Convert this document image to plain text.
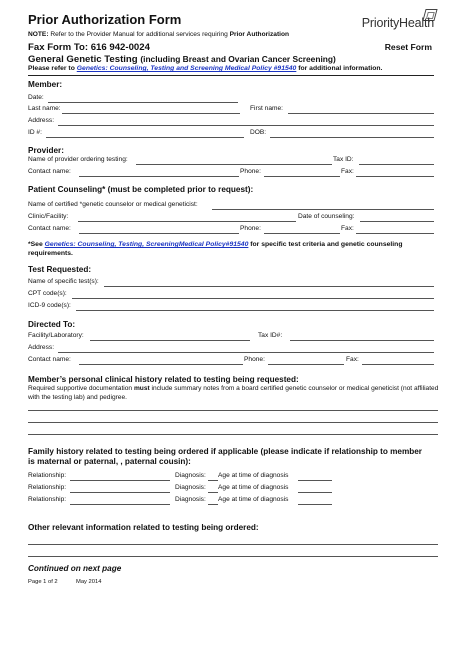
Prior Authorization Form	PriorityHealth
NOTE: Refer to the Provider Manual for additional services requiring Prior Authorization
Fax Form To: 616 942-0024	Reset Form
General Genetic Testing (including Breast and Ovarian Cancer Screening)
Please refer to Genetics: Counseling, Testing and Screening Medical Policy #91540 for additional information.
Member:
Date:
Last name:	First name:
Address:
ID #:	DOB:
Provider:
Name of provider ordering testing:	Tax ID:
Contact name:	Phone:	Fax:
Patient Counseling* (must be completed prior to request):
Name of certified *genetic counselor or medical geneticist:
Clinic/Facility:	Date of counseling:
Contact name:	Phone:	Fax:
*See Genetics: Counseling, Testing, ScreeningMedical Policy#91540 for specific test criteria and genetic counseling requirements.
Test Requested:
Name of specific test(s):
CPT code(s):
ICD-9 code(s):
Directed To:
Facility/Laboratory:	Tax ID#:
Address:
Contact name:	Phone:	Fax:
Member’s personal clinical history related to testing being requested:
Required supportive documentation must include summary notes from a board certified genetic counselor or medical geneticist (not affiliated with the testing lab) and pedigree.
Family history related to testing being ordered if applicable (please indicate if relationship to member
is maternal or paternal, , paternal cousin):
Relationship:	Diagnosis: Age at time of diagnosis
Relationship:	Diagnosis: Age at time of diagnosis
Relationship:	Diagnosis: Age at time of diagnosis
Other relevant information related to testing being ordered:
Continued on next page
Page 1 of 2	May 2014
